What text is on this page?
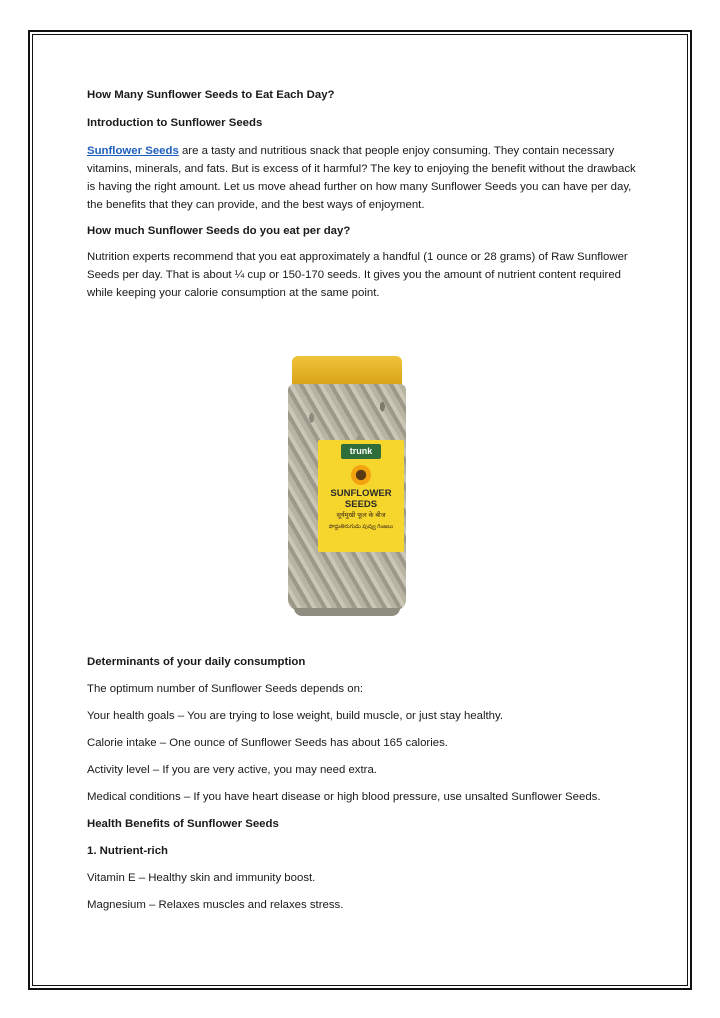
How Many Sunflower Seeds to Eat Each Day?

Introduction to Sunflower Seeds

Sunflower Seeds are a tasty and nutritious snack that people enjoy consuming. They contain necessary vitamins, minerals, and fats. But is excess of it harmful? The key to enjoying the benefit without the drawback is having the right amount. Let us move ahead further on how many Sunflower Seeds you can have per day, the benefits that they can provide, and the best ways of enjoyment.

How much Sunflower Seeds do you eat per day?

Nutrition experts recommend that you eat approximately a handful (1 ounce or 28 grams) of Raw Sunflower Seeds per day. That is about ¼ cup or 150-170 seeds. It gives you the amount of nutrient content required while keeping your calorie consumption at the same point.

trunk
SUNFLOWER
SEEDS
सूर्यमुखी फूल के बीज
పొద్దుతిరుగుడు పువ్వు గింజలు

Determinants of your daily consumption

The optimum number of Sunflower Seeds depends on:

Your health goals – You are trying to lose weight, build muscle, or just stay healthy.

Calorie intake – One ounce of Sunflower Seeds has about 165 calories.

Activity level – If you are very active, you may need extra.

Medical conditions – If you have heart disease or high blood pressure, use unsalted Sunflower Seeds.

Health Benefits of Sunflower Seeds

1. Nutrient-rich

Vitamin E – Healthy skin and immunity boost.

Magnesium – Relaxes muscles and relaxes stress.
